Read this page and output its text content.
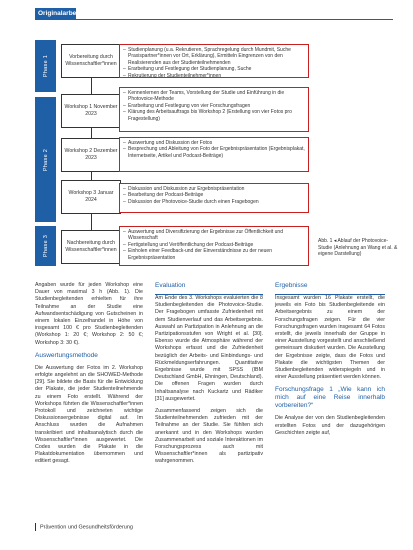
Originalarbeit
Phase 1
Phase 2
Phase 3
Vorbereitung durch Wissenschaftler*innen
Workshop 1 November 2023
Workshop 2 Dezember 2023
Workshop 3 Januar 2024
Nachbereitung durch Wissenschaftler*innen
– Studienplanung (u.a. Rekrutieren, Sprachregelung durch Mundmit, Suche Praxispartner*innen vor Ort, Erklärung), Ermitteln Eingrenzen von den Realisierenden aus der Studienteilnehmenden
– Erarbeitung und Festlegung der Studienplanung, Suche
– Rekrutierung der Studienteilnehmer*innen
– Kennenlernen der Teams, Vorstellung der Studie und Einführung in die Photovoice-Methode
– Erarbeitung und Festlegung von vier Forschungsfragen
– Klärung des Arbeitsauftrags bis Workshop 2 (Erstellung von vier Fotos pro Fragestellung)
– Auswertung und Diskussion der Fotos
– Besprechung und Ableitung von Foto der Ergebnispräsentation (Ergebnisplakat, Internetseite, Artikel und Podcast-Beiträge)
– Diskussion und Diskussion zur Ergebnispräsentation
– Bearbeitung der Podcast-Beiträge
– Diskussion der Photovoice-Studie durch einen Fragebogen
– Auswertung und Diversifizierung der Ergebnisse zur Öffentlichkeit und Wissenschaft
– Fertigstellung und Veröffentlichung der Podcast-Beiträge
– Einholen einer Feedback-und der Einverständnisse zu der neuen Ergebnispräsentation
Abb. 1 ◂ Ablauf der Photovoice-Studie (Anlehnung an Wang et al. & eigene Darstellung)

Angaben wurde für jeden Workshop eine Dauer von maximal 3 h (Abb. 1). Die Studienbegleitenden erhielten für ihre Teilnahme an der Studie eine Aufwandsentschädigung von Gutscheinen in einem lokalen Einzelhandel in Höhe von insgesamt 100 € pro Studienbegleitenden (Workshop 1: 20 €; Workshop 2: 50 €; Workshop 3: 30 €).

Auswertungsmethode

Die Auswertung der Fotos im 2. Workshop erfolgte angelehnt an die SHOWED-Methode [29]. Sie bildete die Basis für die Entwicklung der Plakate, die jeder Studienteilnehmende zu einem Foto erstellt. Während der Workshops führten die Wissenschaftler*innen Protokoll und zeichneten wichtige Diskussionsergebnisse digital auf. Im Anschluss wurden die Aufnahmen transkribiert und inhaltsanalytisch durch die Wissenschaftler*innen ausgewertet. Die Codes wurden die Plakate in die Plakatdokumentation übernommen und editiert gesagt.

Evaluation

Am Ende des 3. Workshops evaluierten die 8 Studienbegleitenden die Photovoice-Studie. Der Fragebogen umfasste Zufriedenheit mit dem Studienverlauf und das Arbeitsergebnis. Auswahl an Partizipation in Anlehnung an die Partizipationsstufen von Wright et al. [30]. Ebenso wurde die Atmosphäre während der Workshops erfasst und die Zufriedenheit bezüglich der Arbeits- und Einbindungs- und Rückmeldungserfahrungen. Quantitative Ergebnisse wurde mit SPSS (IBM Deutschland GmbH, Ehningen, Deutschland). Die offenen Fragen wurden durch Inhaltsanalyse nach Kuckartz und Rädiker [31] ausgewertet.

Zusammenfassend zeigen sich die Studienteilnehmenden zufrieden mit der Teilnahme an der Studie. Sie fühlten sich anerkannt und in den Workshops wurden Zusammenarbeit und soziale Interaktionen im Forschungsprozess auch mit Wissenschaftler*innen als partizipativ wahrgenommen.

Ergebnisse

Insgesamt wurden 16 Plakate erstellt, die jeweils ein Foto bis Studienbegleitende ein Arbeitsergebnis zu einem der Forschungsfragen zeigen. Für die vier Forschungsfragen wurden insgesamt 64 Fotos erstellt, die jeweils innerhalb der Gruppe in einer Ausstellung vorgestellt und anschließend gemeinsam diskutiert wurden. Die Ausstellung der Ergebnisse zeigte, dass die Fotos und Plakate die wichtigsten Themen der Studienbegleitenden widerspiegeln und in einer Ausstellung präsentiert werden können.

Forschungsfrage 1 „Wie kann ich mich auf eine Reise innerhalb vorbereiten?“

Die Analyse der von den Studienbegleitenden erstellten Fotos und der dazugehörigen Geschichten zeigte auf,

Prävention und Gesundheitsförderung
